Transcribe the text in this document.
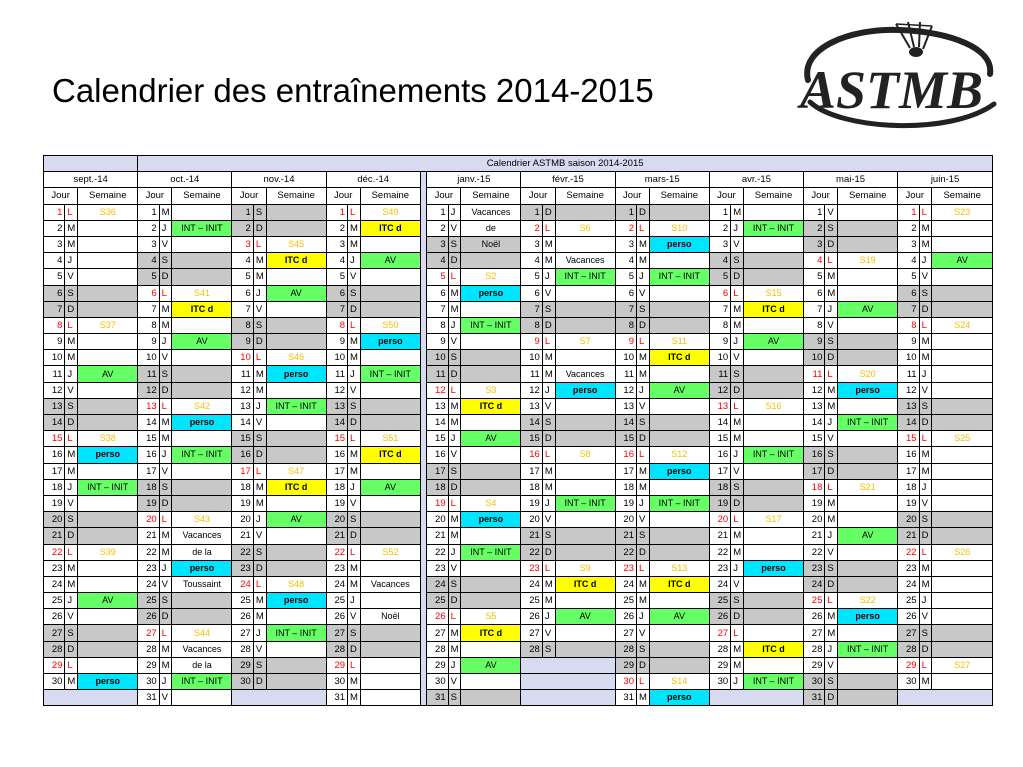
Calendrier des entraînements 2014-2015	ASTMB
			Calendrier ASTMB saison 2014-2015																											
sept.-14			oct.-14			nov.-14			déc.-14				janv.-15			févr.-15			mars-15			avr.-15			mai-15			juin-15		
Jour		Semaine	Jour		Semaine	Jour		Semaine	Jour		Semaine		Jour		Semaine	Jour		Semaine	Jour		Semaine	Jour		Semaine	Jour		Semaine	Jour		Semaine
1	L	S36	1	M		1	S		1	L	S49		1	J	Vacances	1	D		1	D		1	M		1	V		1	L	S23
2	M		2	J	INT – INIT	2	D		2	M	ITC d		2	V	de	2	L	S6	2	L	S10	2	J	INT – INIT	2	S		2	M	
3	M		3	V		3	L	S45	3	M			3	S	Noël	3	M		3	M	perso	3	V		3	D		3	M	
4	J		4	S		4	M	ITC d	4	J	AV		4	D		4	M	Vacances	4	M		4	S		4	L	S19	4	J	AV
5	V		5	D		5	M		5	V			5	L	S2	5	J	INT – INIT	5	J	INT – INIT	5	D		5	M		5	V	
6	S		6	L	S41	6	J	AV	6	S			6	M	perso	6	V		6	V		6	L	S15	6	M		6	S	
7	D		7	M	ITC d	7	V		7	D			7	M		7	S		7	S		7	M	ITC d	7	J	AV	7	D	
8	L	S37	8	M		8	S		8	L	S50		8	J	INT – INIT	8	D		8	D		8	M		8	V		8	L	S24
9	M		9	J	AV	9	D		9	M	perso		9	V		9	L	S7	9	L	S11	9	J	AV	9	S		9	M	
10	M		10	V		10	L	S46	10	M			10	S		10	M		10	M	ITC d	10	V		10	D		10	M	
11	J	AV	11	S		11	M	perso	11	J	INT – INIT		11	D		11	M	Vacances	11	M		11	S		11	L	S20	11	J	
12	V		12	D		12	M		12	V			12	L	S3	12	J	perso	12	J	AV	12	D		12	M	perso	12	V	
13	S		13	L	S42	13	J	INT – INIT	13	S			13	M	ITC d	13	V		13	V		13	L	S16	13	M		13	S	
14	D		14	M	perso	14	V		14	D			14	M		14	S		14	S		14	M		14	J	INT – INIT	14	D	
15	L	S38	15	M		15	S		15	L	S51		15	J	AV	15	D		15	D		15	M		15	V		15	L	S25
16	M	perso	16	J	INT – INIT	16	D		16	M	ITC d		16	V		16	L	S8	16	L	S12	16	J	INT – INIT	16	S		16	M	
17	M		17	V		17	L	S47	17	M			17	S		17	M		17	M	perso	17	V		17	D		17	M	
18	J	INT – INIT	18	S		18	M	ITC d	18	J	AV		18	D		18	M		18	M		18	S		18	L	S21	18	J	
19	V		19	D		19	M		19	V			19	L	S4	19	J	INT – INIT	19	J	INT – INIT	19	D		19	M		19	V	
20	S		20	L	S43	20	J	AV	20	S			20	M	perso	20	V		20	V		20	L	S17	20	M		20	S	
21	D		21	M	Vacances	21	V		21	D			21	M		21	S		21	S		21	M		21	J	AV	21	D	
22	L	S39	22	M	de la	22	S		22	L	S52		22	J	INT – INIT	22	D		22	D		22	M		22	V		22	L	S26
23	M		23	J	perso	23	D		23	M			23	V		23	L	S9	23	L	S13	23	J	perso	23	S		23	M	
24	M		24	V	Toussaint	24	L	S48	24	M	Vacances		24	S		24	M	ITC d	24	M	ITC d	24	V		24	D		24	M	
25	J	AV	25	S		25	M	perso	25	J			25	D		25	M		25	M		25	S		25	L	S22	25	J	
26	V		26	D		26	M		26	V	Noël		26	L	S5	26	J	AV	26	J	AV	26	D		26	M	perso	26	V	
27	S		27	L	S44	27	J	INT – INIT	27	S			27	M	ITC d	27	V		27	V		27	L		27	M		27	S	
28	D		28	M	Vacances	28	V		28	D			28	M		28	S		28	S		28	M	ITC d	28	J	INT – INIT	28	D	
29	L		29	M	de la	29	S		29	L			29	J	AV				29	D		29	M		29	V		29	L	S27
30	M	perso	30	J	INT – INIT	30	D		30	M			30	V					30	L	S14	30	J	INT – INIT	30	S		30	M	
			31	V					31	M			31	S					31	M	perso				31	D				
